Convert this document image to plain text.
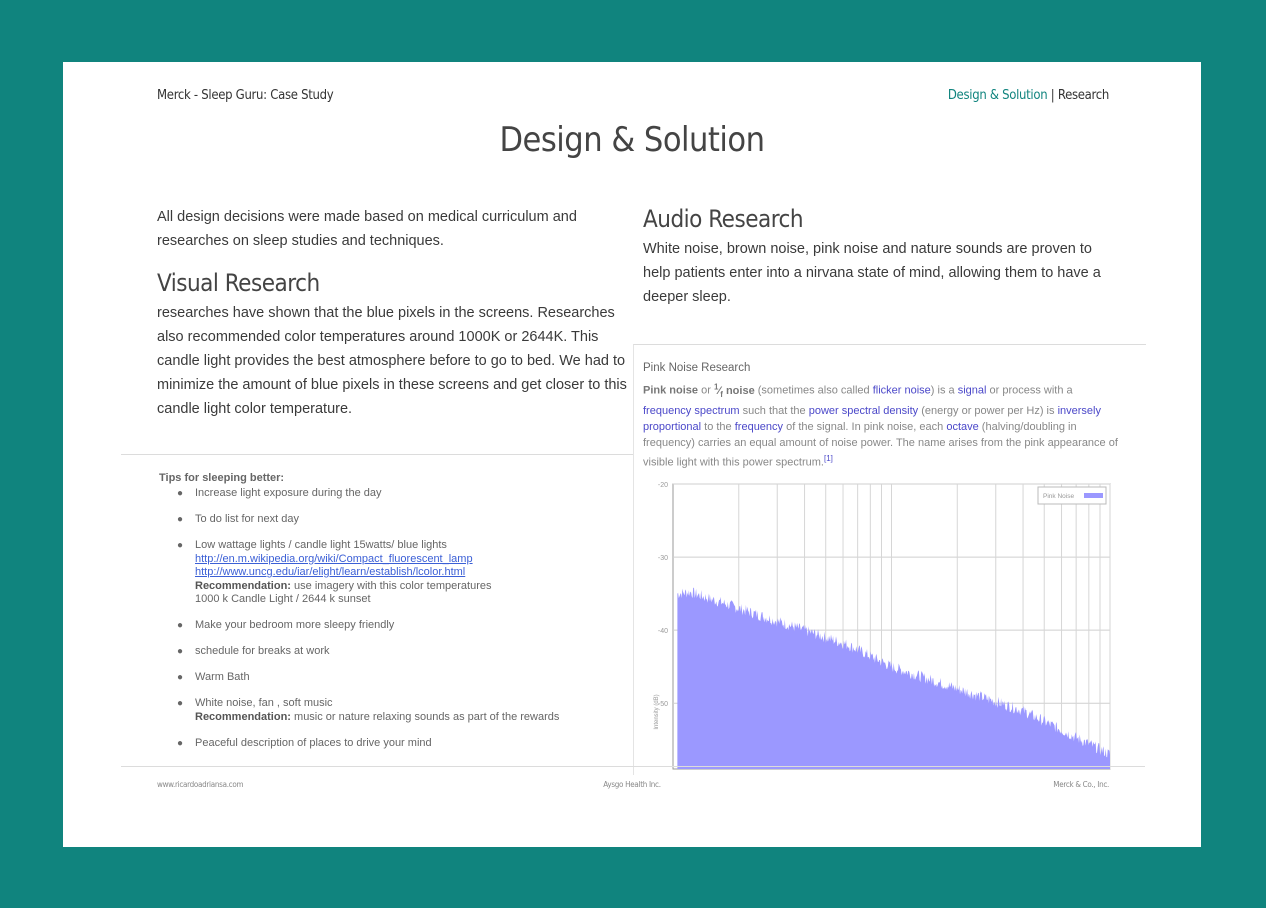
Merck - Sleep Guru: Case Study	Design & Solution | Research
Design & Solution
All design decisions were made based on medical curriculum and researches on sleep studies and techniques.
Visual Research
researches have shown that the blue pixels in the screens. Researches also recommended color temperatures around 1000K or 2644K. This candle light provides the best atmosphere before to go to bed. We had to minimize the amount of blue pixels in these screens and get closer to this candle light color temperature.
Audio Research
White noise, brown noise, pink noise and nature sounds are proven to help patients enter into a nirvana state of mind, allowing them to have a deeper sleep.
Tips for sleeping better:
● Increase light exposure during the day
● To do list for next day
● Low wattage lights / candle light 15watts/ blue lights
http://en.m.wikipedia.org/wiki/Compact_fluorescent_lamp
http://www.uncg.edu/iar/elight/learn/establish/lcolor.html
Recommendation: use imagery with this color temperatures
1000 k Candle Light / 2644 k sunset
● Make your bedroom more sleepy friendly
● schedule for breaks at work
● Warm Bath
● White noise, fan , soft music
Recommendation: music or nature relaxing sounds as part of the rewards
● Peaceful description of places to drive your mind
Pink Noise Research
Pink noise or $^1⁄_f$ noise (sometimes also called flicker noise) is a signal or process with a frequency spectrum such that the power spectral density (energy or power per Hz) is inversely proportional to the frequency of the signal. In pink noise, each octave (halving/doubling in frequency) carries an equal amount of noise power. The name arises from the pink appearance of visible light with this power spectrum.[1]
-20
-30
-40
-50
Intensity (dB)
Pink Noise
www.ricardoadriansa.com	Aysgo Health Inc.	Merck & Co., Inc.
